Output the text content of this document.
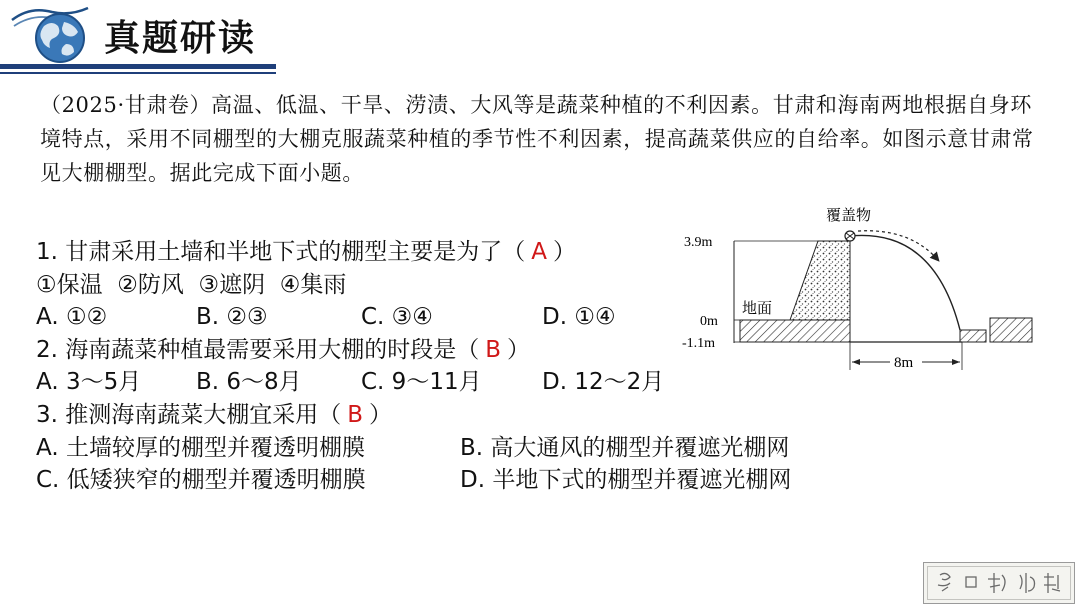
真题研读
（2025·甘肃卷）高温、低温、干旱、涝渍、大风等是蔬菜种植的不利因素。甘肃和海南两地根据自身环境特点，采用不同棚型的大棚克服蔬菜种植的季节性不利因素，提高蔬菜供应的自给率。如图示意甘肃常见大棚棚型。据此完成下面小题。
1. 甘肃采用土墙和半地下式的棚型主要是为了（ A ）
①保温  ②防风  ③遮阴  ④集雨
A. ①②	B. ②③	C. ③④	D. ①④
2. 海南蔬菜种植最需要采用大棚的时段是（ B ）
A. 3～5月 B. 6～8月	C. 9～11月	D. 12～2月
3. 推测海南蔬菜大棚宜采用（ B ）
A. 土墙较厚的棚型并覆透明棚膜	B. 高大通风的棚型并覆遮光棚网
C. 低矮狭窄的棚型并覆透明棚膜	D. 半地下式的棚型并覆遮光棚网
3.9m
0m
-1.1m
地面
覆盖物
8m
